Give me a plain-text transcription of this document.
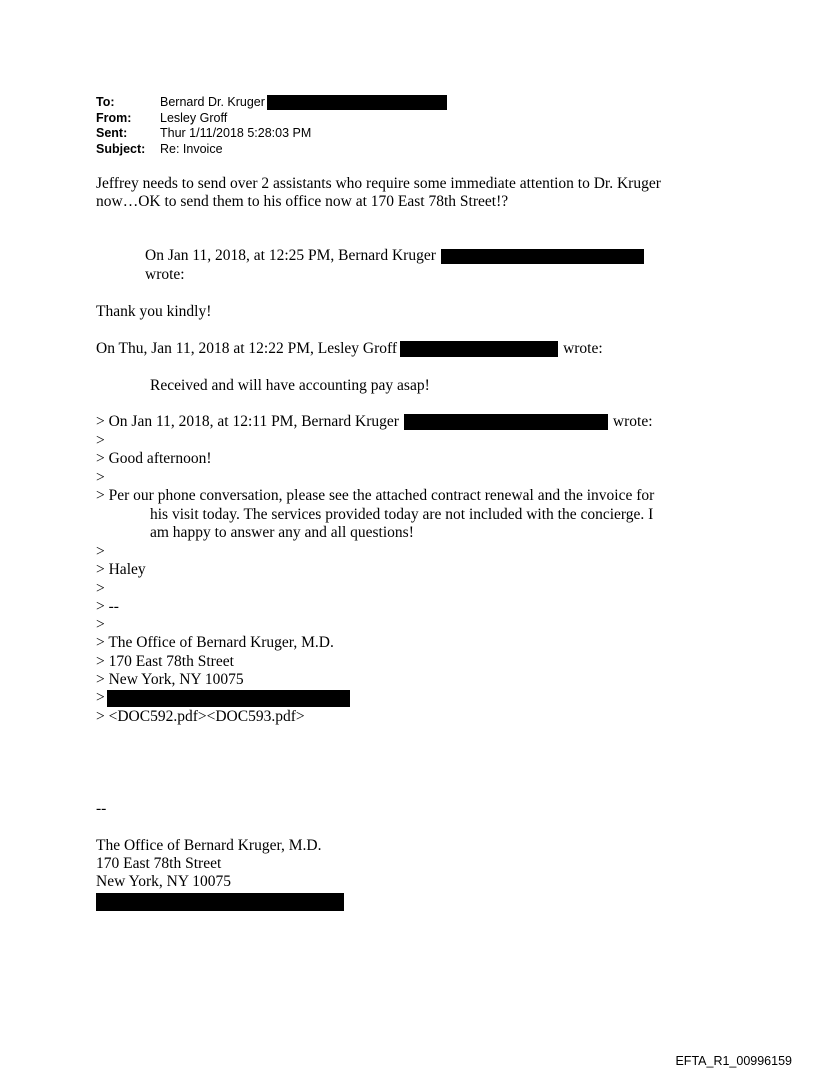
To:	Bernard Dr. Kruger
From:	Lesley Groff
Sent:	Thur 1/11/2018 5:28:03 PM
Subject:	Re: Invoice
Jeffrey needs to send over 2 assistants who require some immediate attention to Dr. Kruger
now…OK to send them to his office now at 170 East 78th Street!?
On Jan 11, 2018, at 12:25 PM, Bernard Kruger
wrote:
Thank you kindly!
On Thu, Jan 11, 2018 at 12:22 PM, Lesley Groff	wrote:
Received and will have accounting pay asap!
> On Jan 11, 2018, at 12:11 PM, Bernard Kruger	wrote:
>
> Good afternoon!
>
> Per our phone conversation, please see the attached contract renewal and the invoice for
his visit today. The services provided today are not included with the concierge. I
am happy to answer any and all questions!
>
> Haley
>
> --
>
> The Office of Bernard Kruger, M.D.
> 170 East 78th Street
> New York, NY 10075
>
> <DOC592.pdf><DOC593.pdf>
--
The Office of Bernard Kruger, M.D.
170 East 78th Street
New York, NY 10075
EFTA_R1_00996159
